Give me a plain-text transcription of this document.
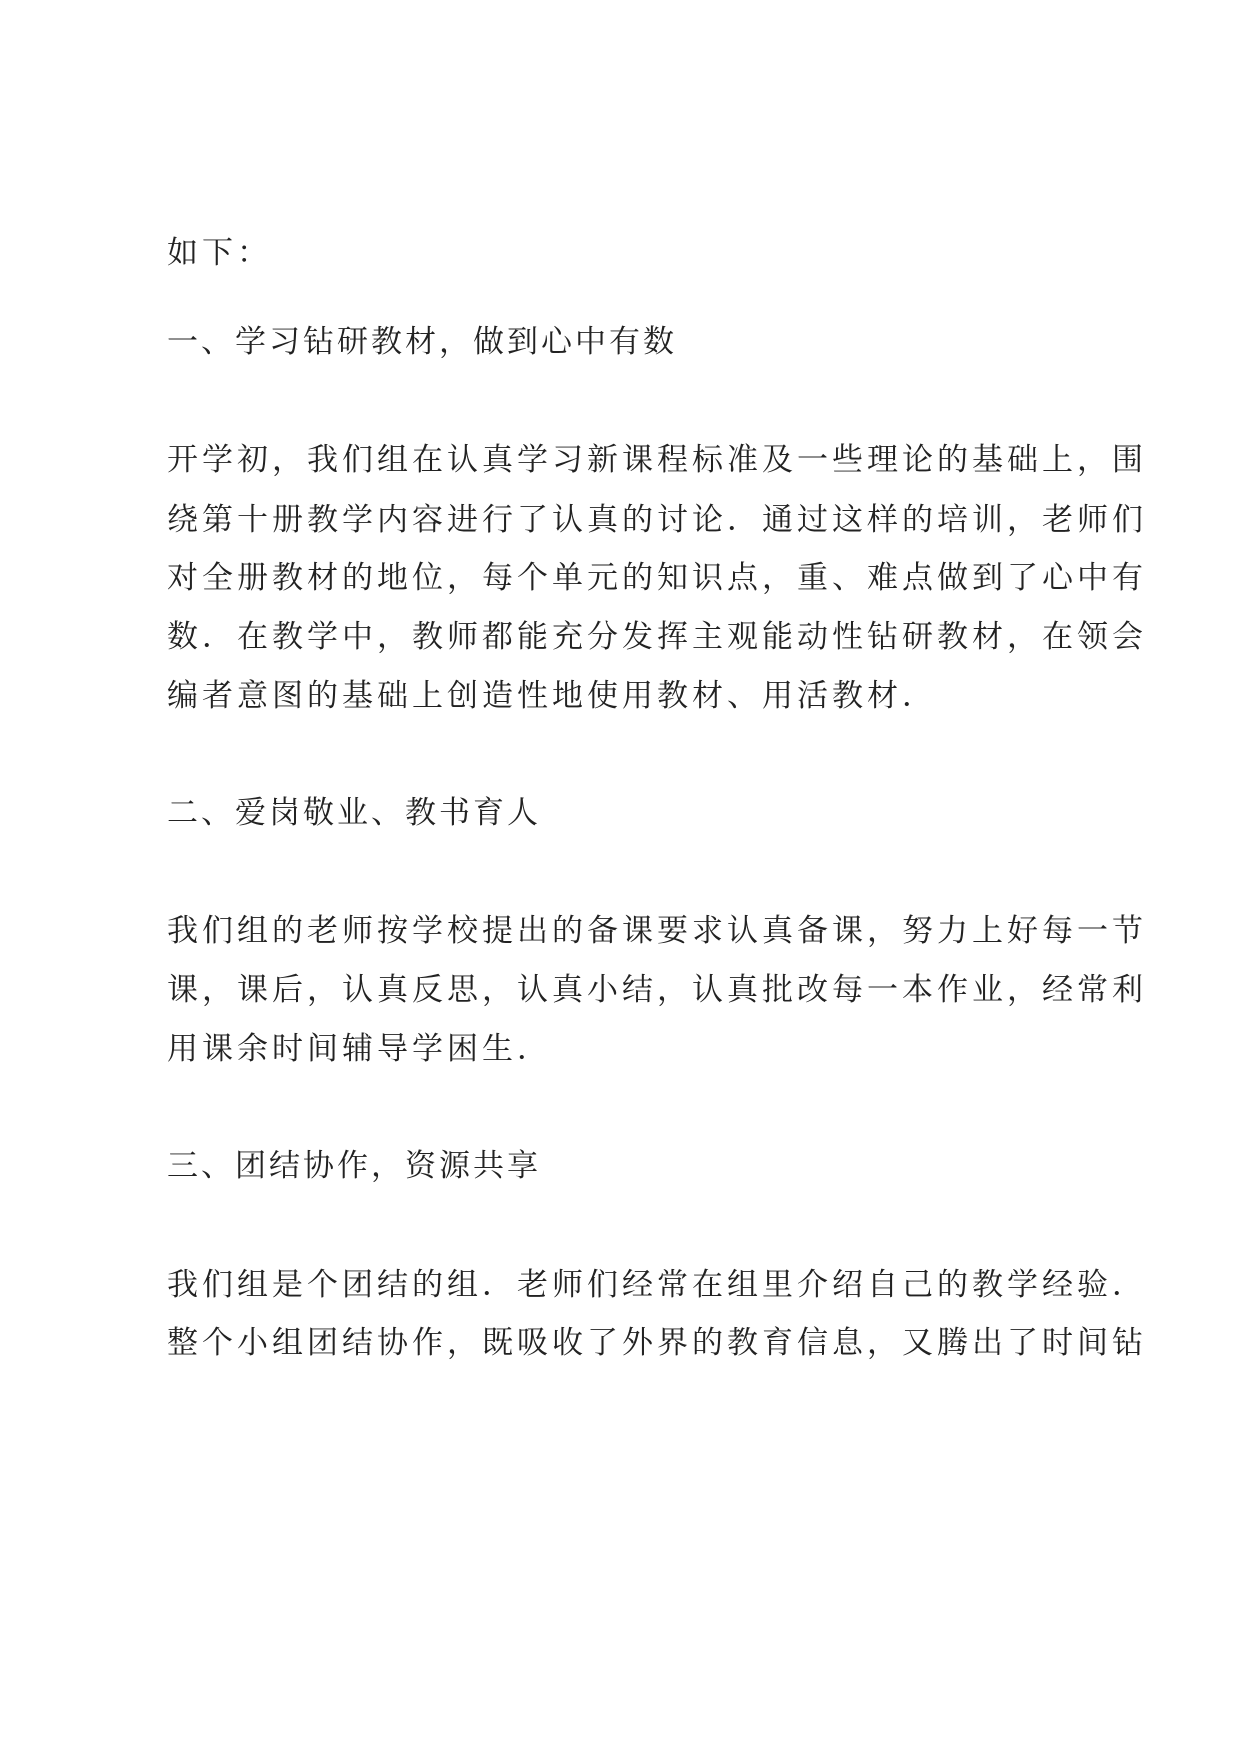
如下：
一、学习钻研教材，做到心中有数
开学初，我们组在认真学习新课程标准及一些理论的基础上，围
绕第十册教学内容进行了认真的讨论．通过这样的培训，老师们
对全册教材的地位，每个单元的知识点，重、难点做到了心中有
数．在教学中，教师都能充分发挥主观能动性钻研教材，在领会
编者意图的基础上创造性地使用教材、用活教材．
二、爱岗敬业、教书育人
我们组的老师按学校提出的备课要求认真备课，努力上好每一节
课，课后，认真反思，认真小结，认真批改每一本作业，经常利
用课余时间辅导学困生．
三、团结协作，资源共享
我们组是个团结的组．老师们经常在组里介绍自己的教学经验．
整个小组团结协作，既吸收了外界的教育信息，又腾出了时间钻
